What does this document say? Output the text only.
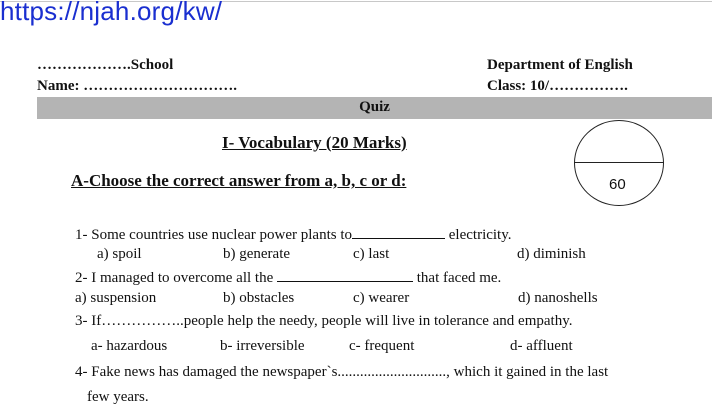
https://njah.org/kw/
……………….School
Name: ………………………….
Department of English
Class: 10/…………….
Quiz
I- Vocabulary (20 Marks)
A-Choose the correct answer from a, b, c or d:	60
1- Some countries use nuclear power plants to	electricity.
a) spoil	b) generate	c) last	d) diminish
2- I managed to overcome all the	that faced me.
a) suspension	b) obstacles	c) wearer	d) nanoshells
3- If……………..people help the needy, people will live in tolerance and empathy.
a- hazardous	b- irreversible	c- frequent	d- affluent
4- Fake news has damaged the newspaper`s............................., which it gained in the last
few years.
